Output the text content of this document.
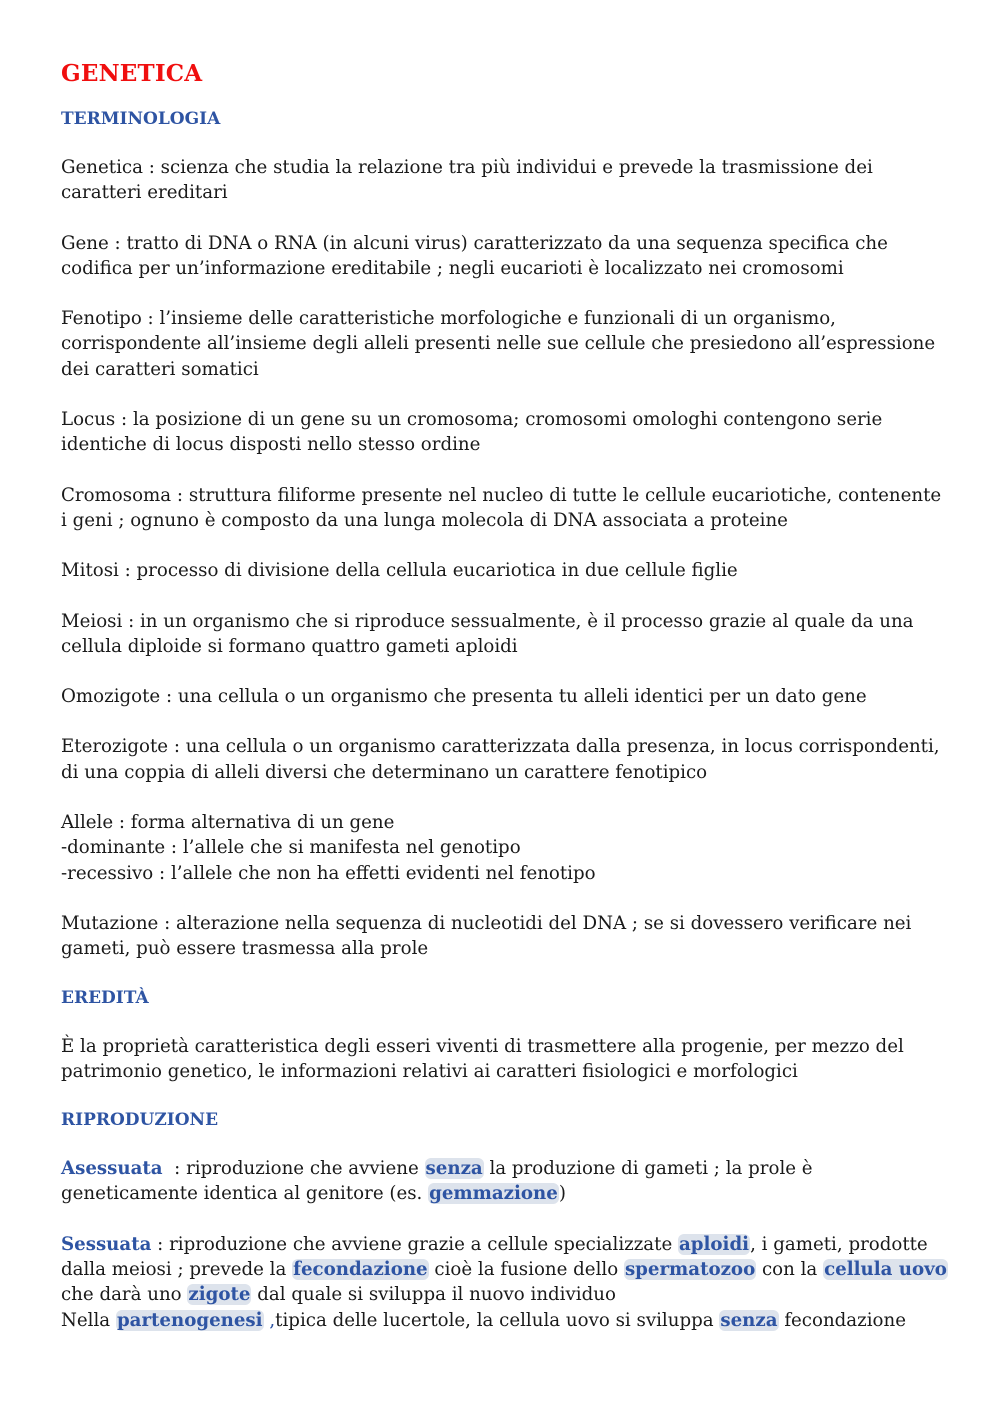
GENETICA
TERMINOLOGIA

Genetica : scienza che studia la relazione tra più individui e prevede la trasmissione dei caratteri ereditari

Gene : tratto di DNA o RNA (in alcuni virus) caratterizzato da una sequenza specifica che codifica per un’informazione ereditabile ; negli eucarioti è localizzato nei cromosomi

Fenotipo : l’insieme delle caratteristiche morfologiche e funzionali di un organismo, corrispondente all’insieme degli alleli presenti nelle sue cellule che presiedono all’espressione dei caratteri somatici

Locus : la posizione di un gene su un cromosoma; cromosomi omologhi contengono serie identiche di locus disposti nello stesso ordine

Cromosoma : struttura filiforme presente nel nucleo di tutte le cellule eucariotiche, contenente i geni ; ognuno è composto da una lunga molecola di DNA associata a proteine

Mitosi : processo di divisione della cellula eucariotica in due cellule figlie

Meiosi : in un organismo che si riproduce sessualmente, è il processo grazie al quale da una cellula diploide si formano quattro gameti aploidi

Omozigote : una cellula o un organismo che presenta tu alleli identici per un dato gene

Eterozigote : una cellula o un organismo caratterizzata dalla presenza, in locus corrispondenti, di una coppia di alleli diversi che determinano un carattere fenotipico

Allele : forma alternativa di un gene

-dominante : l’allele che si manifesta nel genotipo

-recessivo : l’allele che non ha effetti evidenti nel fenotipo

Mutazione : alterazione nella sequenza di nucleotidi del DNA ; se si dovessero verificare nei gameti, può essere trasmessa alla prole

EREDITÀ

È la proprietà caratteristica degli esseri viventi di trasmettere alla progenie, per mezzo del patrimonio genetico, le informazioni relativi ai caratteri fisiologici e morfologici

RIPRODUZIONE

Asessuata  : riproduzione che avviene senza la produzione di gameti ; la prole è geneticamente identica al genitore (es. gemmazione)

Sessuata : riproduzione che avviene grazie a cellule specializzate aploidi, i gameti, prodotte dalla meiosi ; prevede la fecondazione cioè la fusione dello spermatozoo con la cellula uovo che darà uno zigote dal quale si sviluppa il nuovo individuo

Nella partenogenesi ,tipica delle lucertole, la cellula uovo si sviluppa senza fecondazione
